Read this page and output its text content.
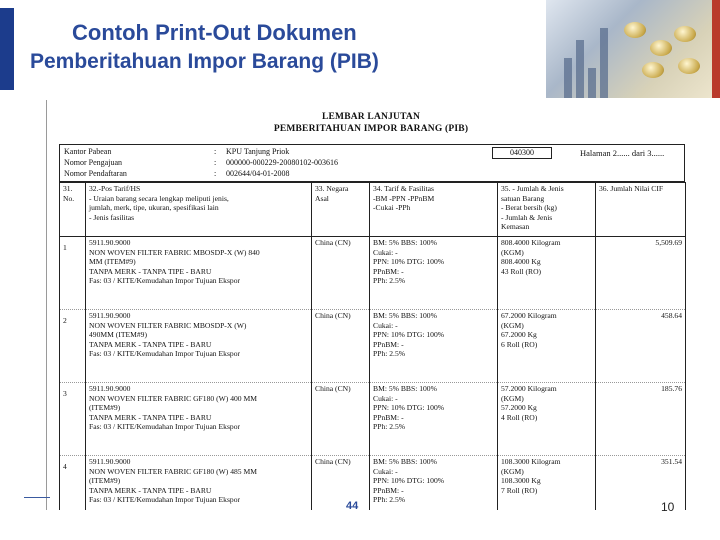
Contoh Print-Out Dokumen
Pemberitahuan Impor Barang (PIB)
LEMBAR LANJUTAN
PEMBERITAHUAN IMPOR BARANG (PIB)
Kantor Pabean	: KPU Tanjung Priok
Nomor Pengajuan	: 000000-000229-20080102-003616
Nomor Pendaftaran	: 002644/04-01-2008
040300	Halaman 2...... dari 3......
31.
No.	32.-Pos Tarif/HS
- Uraian barang secara lengkap meliputi jenis,
jumlah, merk, tipe, ukuran, spesifikasi lain
- Jenis fasilitas	33. Negara
Asal	34. Tarif & Fasilitas
-BM -PPN -PPnBM
-Cukai -PPh	35. - Jumlah & Jenis
satuan Barang
- Berat bersih (kg)
- Jumlah & Jenis
Kemasan	36. Jumlah Nilai CIF

1	5911.90.9000
NON WOVEN FILTER FABRIC MBOSDP-X (W) 840
MM (ITEM#9)
TANPA MERK - TANPA TIPE - BARU
Fas: 03 / KITE/Kemudahan Impor Tujuan Ekspor	China (CN)	BM: 5% BBS: 100%
Cukai: -
PPN: 10% DTG: 100%
PPnBM: -
PPh: 2.5%	808.4000 Kilogram
(KGM)
808.4000 Kg
43 Roll (RO)	5,509.69
2	5911.90.9000
NON WOVEN FILTER FABRIC MBOSDP-X (W)
490MM (ITEM#9)
TANPA MERK - TANPA TIPE - BARU
Fas: 03 / KITE/Kemudahan Impor Tujuan Ekspor	China (CN)	BM: 5% BBS: 100%
Cukai: -
PPN: 10% DTG: 100%
PPnBM: -
PPh: 2.5%	67.2000 Kilogram
(KGM)
67.2000 Kg
6 Roll (RO)	458.64
3	5911.90.9000
NON WOVEN FILTER FABRIC GF180 (W) 400 MM
(ITEM#9)
TANPA MERK - TANPA TIPE - BARU
Fas: 03 / KITE/Kemudahan Impor Tujuan Ekspor	China (CN)	BM: 5% BBS: 100%
Cukai: -
PPN: 10% DTG: 100%
PPnBM: -
PPh: 2.5%	57.2000 Kilogram
(KGM)
57.2000 Kg
4 Roll (RO)	185.76
4	5911.90.9000
NON WOVEN FILTER FABRIC GF180 (W) 485 MM
(ITEM#9)
TANPA MERK - TANPA TIPE - BARU
Fas: 03 / KITE/Kemudahan Impor Tujuan Ekspor	China (CN)	BM: 5% BBS: 100%
Cukai: -
PPN: 10% DTG: 100%
PPnBM: -
PPh: 2.5%	108.3000 Kilogram
(KGM)
108.3000 Kg
7 Roll (RO)	351.54
44	10
